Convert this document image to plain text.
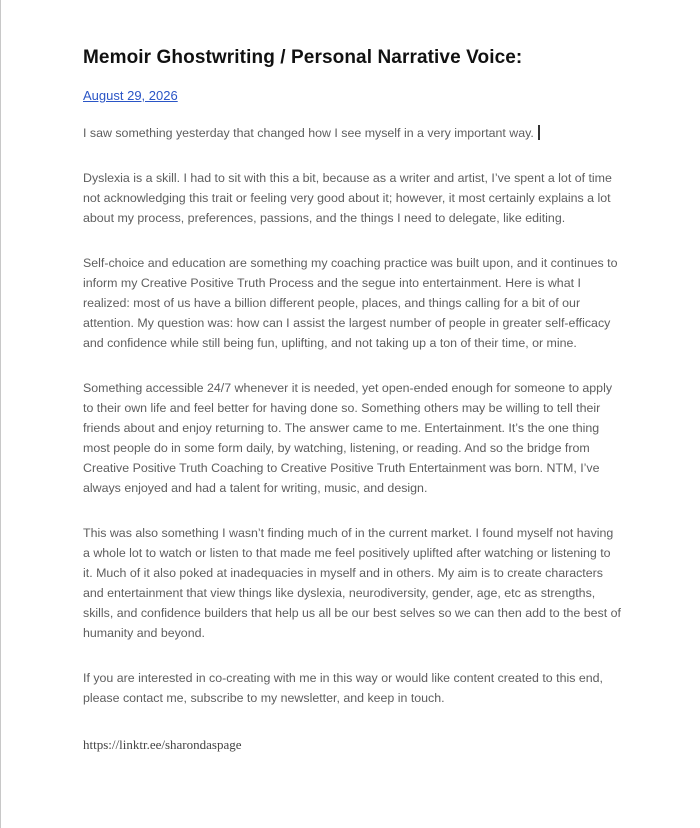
Memoir Ghostwriting / Personal Narrative Voice:
August 29, 2026

I saw something yesterday that changed how I see myself in a very important way.

Dyslexia is a skill. I had to sit with this a bit, because as a writer and artist, I’ve spent a lot of time not acknowledging this trait or feeling very good about it; however, it most certainly explains a lot about my process, preferences, passions, and the things I need to delegate, like editing.

Self-choice and education are something my coaching practice was built upon, and it continues to inform my Creative Positive Truth Process and the segue into entertainment. Here is what I realized: most of us have a billion different people, places, and things calling for a bit of our attention. My question was: how can I assist the largest number of people in greater self-efficacy and confidence while still being fun, uplifting, and not taking up a ton of their time, or mine.

Something accessible 24/7 whenever it is needed, yet open-ended enough for someone to apply to their own life and feel better for having done so. Something others may be willing to tell their friends about and enjoy returning to. The answer came to me. Entertainment. It’s the one thing most people do in some form daily, by watching, listening, or reading. And so the bridge from Creative Positive Truth Coaching to Creative Positive Truth Entertainment was born. NTM, I’ve always enjoyed and had a talent for writing, music, and design.

This was also something I wasn’t finding much of in the current market. I found myself not having a whole lot to watch or listen to that made me feel positively uplifted after watching or listening to it. Much of it also poked at inadequacies in myself and in others. My aim is to create characters and entertainment that view things like dyslexia, neurodiversity, gender, age, etc as strengths, skills, and confidence builders that help us all be our best selves so we can then add to the best of humanity and beyond.

If you are interested in co-creating with me in this way or would like content created to this end, please contact me, subscribe to my newsletter, and keep in touch.

https://linktr.ee/sharondaspage
